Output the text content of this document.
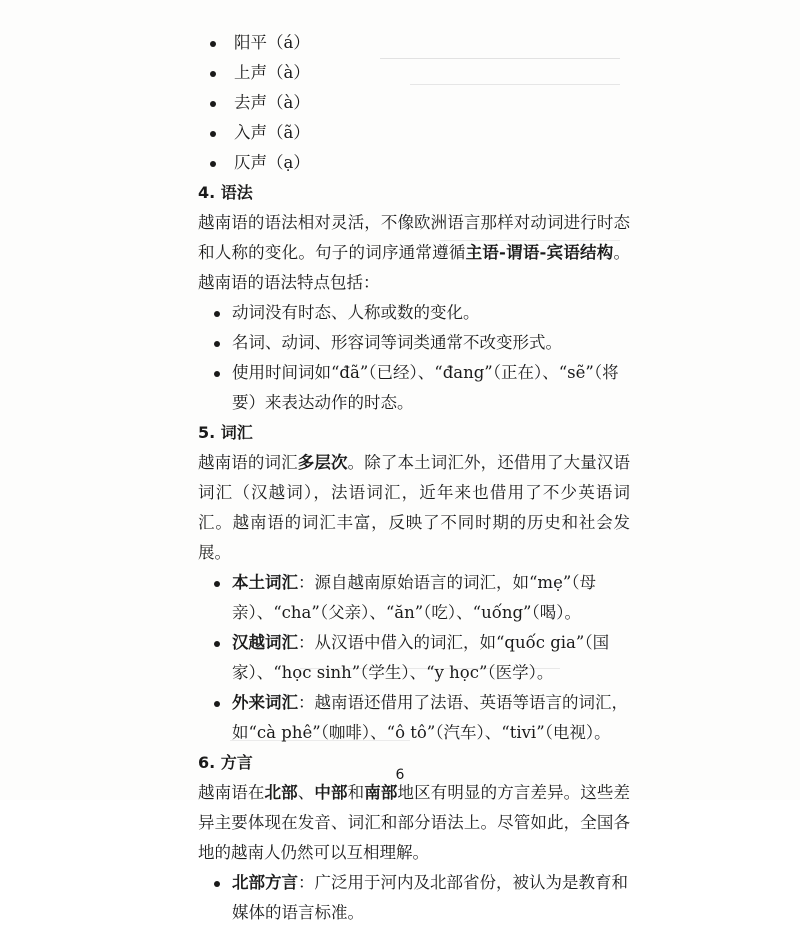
阳平（á）
上声（à）
去声（à）
入声（ã）
仄声（ạ）
4. 语法

越南语的语法相对灵活，不像欧洲语言那样对动词进行时态和人称的变化。句子的词序通常遵循主语-谓语-宾语结构。越南语的语法特点包括：

动词没有时态、人称或数的变化。
名词、动词、形容词等词类通常不改变形式。
使用时间词如“đã”（已经）、“đang”（正在）、“sẽ”（将要）来表达动作的时态。
5. 词汇

越南语的词汇多层次。除了本土词汇外，还借用了大量汉语词汇（汉越词），法语词汇，近年来也借用了不少英语词汇。越南语的词汇丰富，反映了不同时期的历史和社会发展。

本土词汇：源自越南原始语言的词汇，如“mẹ”（母亲）、“cha”（父亲）、“ăn”（吃）、“uống”（喝）。
汉越词汇：从汉语中借入的词汇，如“quốc gia”（国家）、“học sinh”（学生）、“y học”（医学）。
外来词汇：越南语还借用了法语、英语等语言的词汇，如“cà phê”（咖啡）、“ô tô”（汽车）、“tivi”（电视）。
6. 方言

越南语在北部、中部和南部地区有明显的方言差异。这些差异主要体现在发音、词汇和部分语法上。尽管如此，全国各地的越南人仍然可以互相理解。

北部方言：广泛用于河内及北部省份，被认为是教育和媒体的语言标准。
6
